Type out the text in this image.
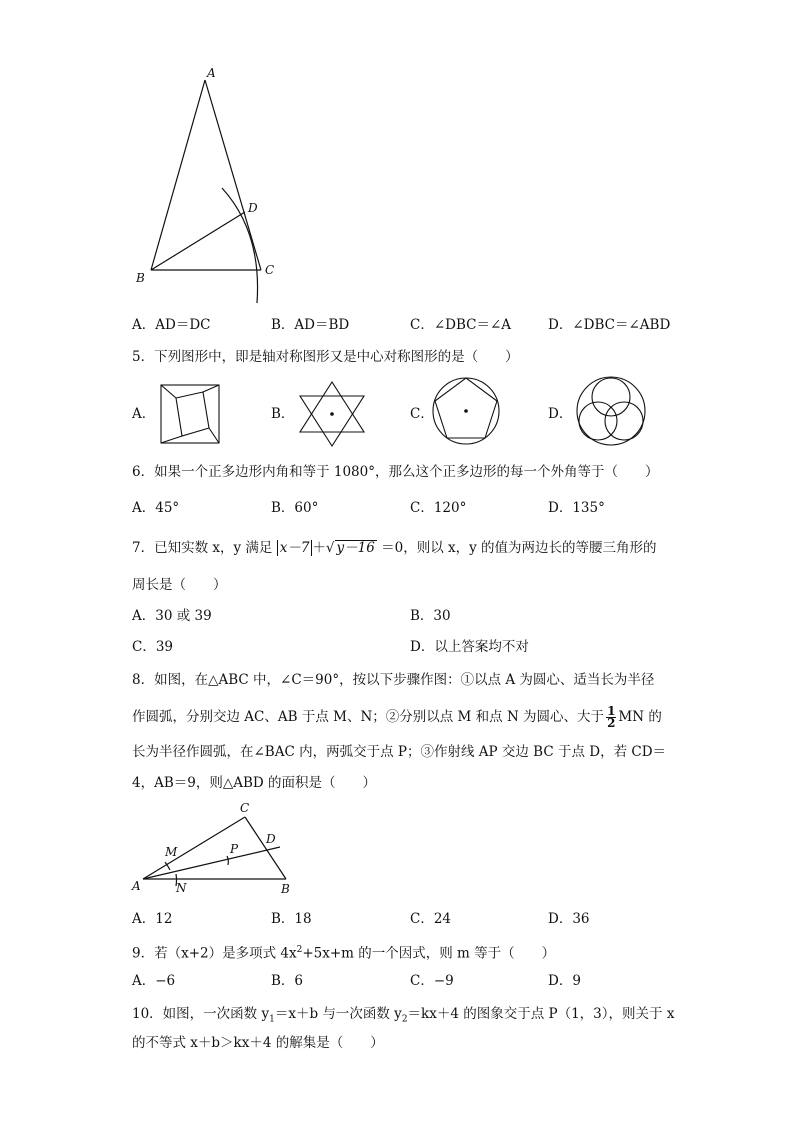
A
B
C
D
A．AD＝DC	B．AD＝BD	C．∠DBC＝∠A	D．∠DBC＝∠ABD
5．下列图形中，即是轴对称图形又是中心对称图形的是（　　）
A．	B．	C．	D．
6．如果一个正多边形内角和等于 1080°，那么这个正多边形的每一个外角等于（　　）
A．45°	B．60°	C．120°	D．135°
7．已知实数 x，y 满足 x－7 ＋√ y－16 ＝0，则以 x，y 的值为两边长的等腰三角形的
周长是（　　）
A．30 或 39	B．30
C．39	D．以上答案均不对
8．如图，在△ABC 中，∠C＝90°，按以下步骤作图：①以点 A 为圆心、适当长为半径
作圆弧，分别交边 AC、AB 于点 M、N；②分别以点 M 和点 N 为圆心、大于 $\frac{1}{2}$ MN 的
长为半径作圆弧，在∠BAC 内，两弧交于点 P；③作射线 AP 交边 BC 于点 D，若 CD＝
4，AB＝9，则△ABD 的面积是（　　）
C
D
M	P
A	N	B
A．12	B．18	C．24	D．36
9．若（x+2）是多项式 $4x^2+5x+m$ 的一个因式，则 m 等于（　　）
A．−6	B．6	C．−9	D．9
10．如图，一次函数 $y_1=x+b$ 与一次函数 $y_2=kx+4$ 的图象交于点 P（1，3），则关于 x
的不等式 x＋b＞kx＋4 的解集是（　　）
